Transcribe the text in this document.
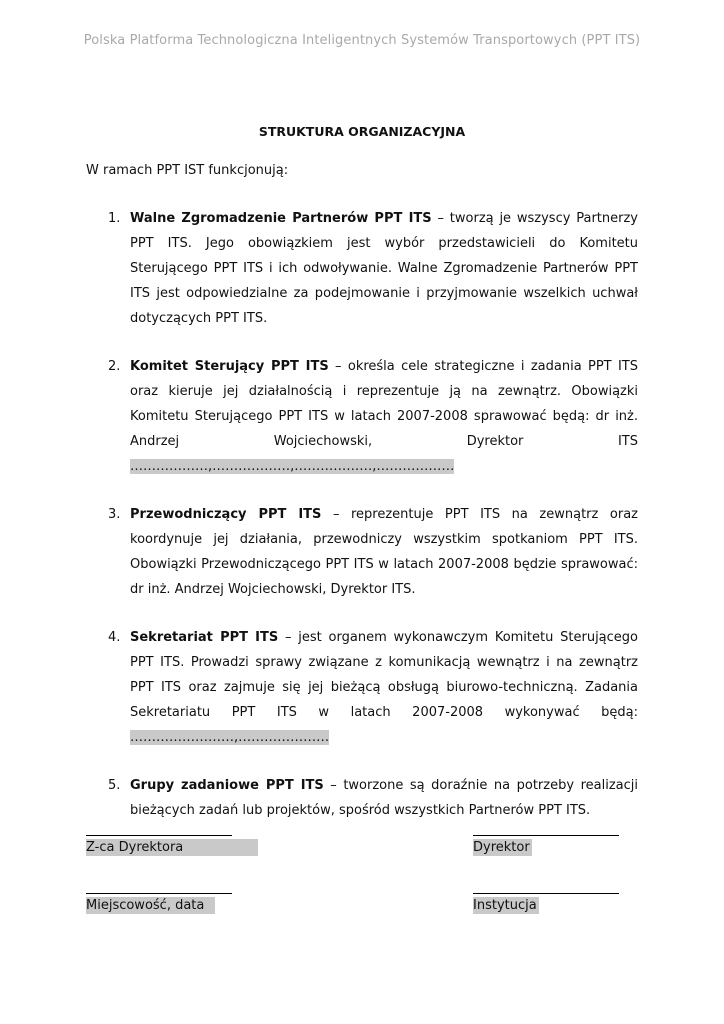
Polska Platforma Technologiczna Inteligentnych Systemów Transportowych (PPT ITS)
STRUKTURA ORGANIZACYJNA
W ramach PPT IST funkcjonują:
1. Walne Zgromadzenie Partnerów PPT ITS – tworzą je wszyscy Partnerzy PPT ITS. Jego obowiązkiem jest wybór przedstawicieli do Komitetu Sterującego PPT ITS i ich odwoływanie. Walne Zgromadzenie Partnerów PPT ITS jest odpowiedzialne za podejmowanie i przyjmowanie wszelkich uchwał dotyczących PPT ITS.
2. Komitet Sterujący PPT ITS – określa cele strategiczne i zadania PPT ITS oraz kieruje jej działalnością i reprezentuje ją na zewnątrz. Obowiązki Komitetu Sterującego PPT ITS w latach 2007-2008 sprawować będą: dr inż. Andrzej Wojciechowski, Dyrektor ITS ………………,………………,………………,………………
3. Przewodniczący PPT ITS – reprezentuje PPT ITS na zewnątrz oraz koordynuje jej działania, przewodniczy wszystkim spotkaniom PPT ITS. Obowiązki Przewodniczącego PPT ITS w latach 2007-2008 będzie sprawować: dr inż. Andrzej Wojciechowski, Dyrektor ITS.
4. Sekretariat PPT ITS – jest organem wykonawczym Komitetu Sterującego PPT ITS. Prowadzi sprawy związane z komunikacją wewnątrz i na zewnątrz PPT ITS oraz zajmuje się jej bieżącą obsługą biurowo-techniczną. Zadania Sekretariatu PPT ITS w latach 2007-2008 wykonywać będą: ……………………,…………………
5. Grupy zadaniowe PPT ITS – tworzone są doraźnie na potrzeby realizacji bieżących zadań lub projektów, spośród wszystkich Partnerów PPT ITS.
Z-ca Dyrektora	Dyrektor
Miejscowość, data	Instytucja
